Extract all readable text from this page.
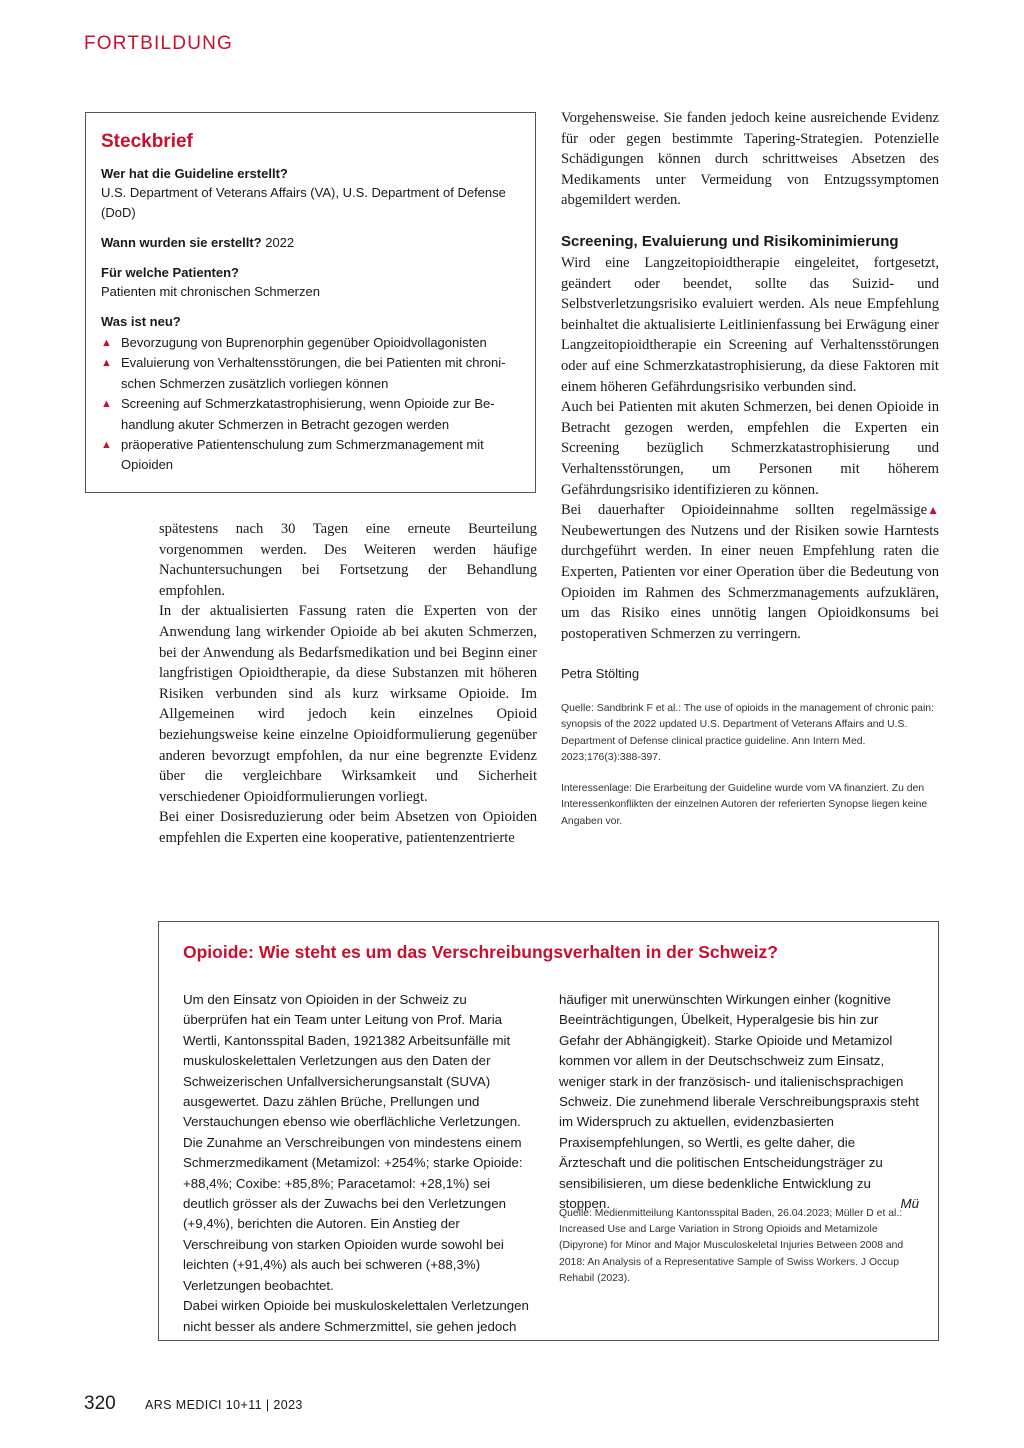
FORTBILDUNG
Steckbrief

Wer hat die Guideline erstellt?

U.S. Department of Veterans Affairs (VA), U.S. Department of Defense

(DoD)

Wann wurden sie erstellt? 2022

Für welche Patienten?

Patienten mit chronischen Schmerzen

Was ist neu?

▲ Bevorzugung von Buprenorphin gegenüber Opioidvollagonisten
▲ Evaluierung von Verhaltensstörungen, die bei Patienten mit chroni-
schen Schmerzen zusätzlich vorliegen können
▲ Screening auf Schmerzkatastrophisierung, wenn Opioide zur Be-
handlung akuter Schmerzen in Betracht gezogen werden
▲ präoperative Patientenschulung zum Schmerzmanagement mit
Opioiden

spätestens nach 30 Tagen eine erneute Beurteilung vorgenommen werden. Des Weiteren werden häufige Nachuntersuchungen bei Fortsetzung der Behandlung empfohlen.

In der aktualisierten Fassung raten die Experten von der Anwendung lang wirkender Opioide ab bei akuten Schmerzen, bei der Anwendung als Bedarfsmedikation und bei Beginn einer langfristigen Opioidtherapie, da diese Substanzen mit höheren Risiken verbunden sind als kurz wirksame Opioide. Im Allgemeinen wird jedoch kein einzelnes Opioid beziehungsweise keine einzelne Opioidformulierung gegenüber anderen bevorzugt empfohlen, da nur eine begrenzte Evidenz über die vergleichbare Wirksamkeit und Sicherheit verschiedener Opioidformulierungen vorliegt.

Bei einer Dosisreduzierung oder beim Absetzen von Opioiden empfehlen die Experten eine kooperative, patientenzentrierte

Vorgehensweise. Sie fanden jedoch keine ausreichende Evidenz für oder gegen bestimmte Tapering-Strategien. Potenzielle Schädigungen können durch schrittweises Absetzen des Medikaments unter Vermeidung von Entzugssymptomen abgemildert werden.

Screening, Evaluierung und Risikominimierung

Wird eine Langzeitopioidtherapie eingeleitet, fortgesetzt, geändert oder beendet, sollte das Suizid- und Selbstverletzungsrisiko evaluiert werden. Als neue Empfehlung beinhaltet die aktualisierte Leitlinienfassung bei Erwägung einer Langzeitopioidtherapie ein Screening auf Verhaltensstörungen oder auf eine Schmerzkatastrophisierung, da diese Faktoren mit einem höheren Gefährdungsrisiko verbunden sind.

Auch bei Patienten mit akuten Schmerzen, bei denen Opioide in Betracht gezogen werden, empfehlen die Experten ein Screening bezüglich Schmerzkatastrophisierung und Verhaltensstörungen, um Personen mit höherem Gefährdungsrisiko identifizieren zu können.

▲
Bei dauerhafter Opioideinnahme sollten regelmässige Neubewertungen des Nutzens und der Risiken sowie Harntests durchgeführt werden. In einer neuen Empfehlung raten die Experten, Patienten vor einer Operation über die Bedeutung von Opioiden im Rahmen des Schmerzmanagements aufzuklären, um das Risiko eines unnötig langen Opioidkonsums bei postoperativen Schmerzen zu verringern.

Petra Stölting
Quelle: Sandbrink F et al.: The use of opioids in the management of chronic pain: synopsis of the 2022 updated U.S. Department of Veterans Affairs and U.S. Department of Defense clinical practice guideline. Ann Intern Med. 2023;176(3):388-397.
Interessenlage: Die Erarbeitung der Guideline wurde vom VA finanziert. Zu den Interessenkonflikten der einzelnen Autoren der referierten Synopse liegen keine Angaben vor.
Opioide: Wie steht es um das Verschreibungsverhalten in der Schweiz?

Um den Einsatz von Opioiden in der Schweiz zu überprüfen hat ein Team unter Leitung von Prof. Maria Wertli, Kantonsspital Baden, 1921382 Arbeitsunfälle mit muskuloskelettalen Verletzungen aus den Daten der Schweizerischen Unfallversicherungsanstalt (SUVA) ausgewertet. Dazu zählen Brüche, Prellungen und Verstauchungen ebenso wie oberflächliche Verletzungen.

Die Zunahme an Verschreibungen von mindestens einem Schmerzmedikament (Metamizol: +254%; starke Opioide: +88,4%; Coxibe: +85,8%; Paracetamol: +28,1%) sei deutlich grösser als der Zuwachs bei den Verletzungen (+9,4%), berichten die Autoren. Ein Anstieg der Verschreibung von starken Opioiden wurde sowohl bei leichten (+91,4%) als auch bei schweren (+88,3%) Verletzungen beobachtet.

Dabei wirken Opioide bei muskuloskelettalen Verletzungen nicht besser als andere Schmerzmittel, sie gehen jedoch

häufiger mit unerwünschten Wirkungen einher (kognitive Beeinträchtigungen, Übelkeit, Hyperalgesie bis hin zur Gefahr der Abhängigkeit). Starke Opioide und Metamizol kommen vor allem in der Deutschschweiz zum Einsatz, weniger stark in der französisch- und italienischsprachigen Schweiz. Die zunehmend liberale Verschreibungspraxis steht im Widerspruch zu aktuellen, evidenzbasierten Praxisempfehlungen, so Wertli, es gelte daher, die Ärzteschaft und die politischen Entscheidungsträger zu sensibilisieren, um diese bedenkliche Entwicklung zu stoppen.	Mü

Quelle: Medienmitteilung Kantonsspital Baden, 26.04.2023; Müller D et al.: Increased Use and Large Variation in Strong Opioids and Metamizole (Dipyrone) for Minor and Major Musculoskeletal Injuries Between 2008 and 2018: An Analysis of a Representative Sample of Swiss Workers. J Occup Rehabil (2023).
320 ARS MEDICI 10+11 | 2023
